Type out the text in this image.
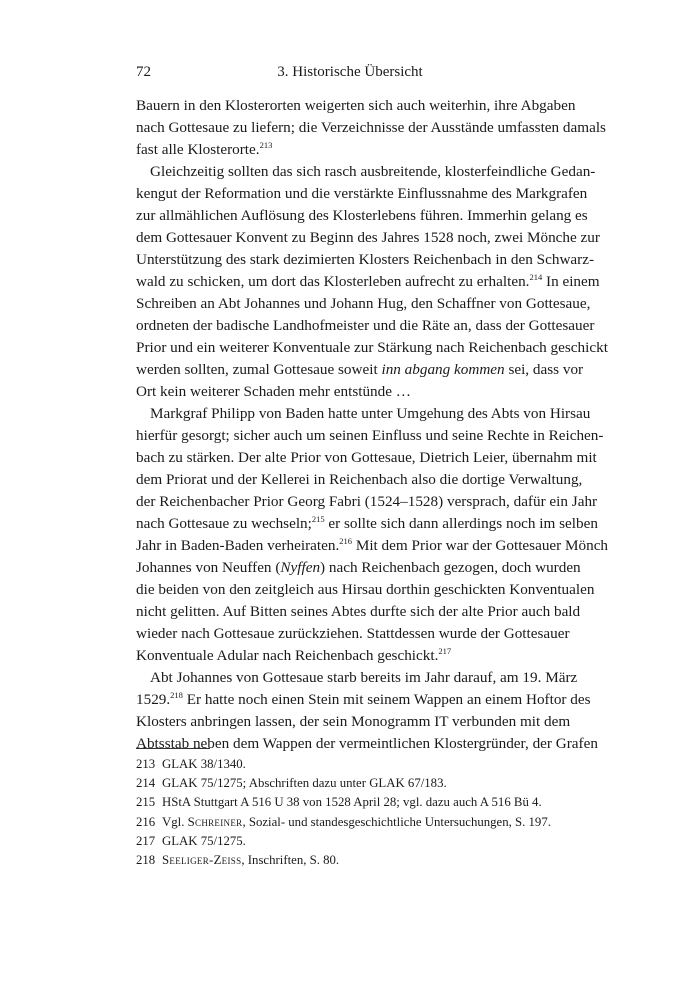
72	3. Historische Übersicht
Bauern in den Klosterorten weigerten sich auch weiterhin, ihre Abgaben
nach Gottesaue zu liefern; die Verzeichnisse der Ausstände umfassten damals
fast alle Klosterorte.$^{213}$
Gleichzeitig sollten das sich rasch ausbreitende, klosterfeindliche Gedan-
kengut der Reformation und die verstärkte Einflussnahme des Markgrafen
zur allmählichen Auflösung des Klosterlebens führen. Immerhin gelang es
dem Gottesauer Konvent zu Beginn des Jahres 1528 noch, zwei Mönche zur
Unterstützung des stark dezimierten Klosters Reichenbach in den Schwarz-
wald zu schicken, um dort das Klosterleben aufrecht zu erhalten.$^{214}$ In einem
Schreiben an Abt Johannes und Johann Hug, den Schaffner von Gottesaue,
ordneten der badische Landhofmeister und die Räte an, dass der Gottesauer
Prior und ein weiterer Konventuale zur Stärkung nach Reichenbach geschickt
werden sollten, zumal Gottesaue soweit inn abgang kommen sei, dass vor
Ort kein weiterer Schaden mehr entstünde …
Markgraf Philipp von Baden hatte unter Umgehung des Abts von Hirsau
hierfür gesorgt; sicher auch um seinen Einfluss und seine Rechte in Reichen-
bach zu stärken. Der alte Prior von Gottesaue, Dietrich Leier, übernahm mit
dem Priorat und der Kellerei in Reichenbach also die dortige Verwaltung,
der Reichenbacher Prior Georg Fabri (1524–1528) versprach, dafür ein Jahr
nach Gottesaue zu wechseln;$^{215}$ er sollte sich dann allerdings noch im selben
Jahr in Baden-Baden verheiraten.$^{216}$ Mit dem Prior war der Gottesauer Mönch
Johannes von Neuffen (Nyffen) nach Reichenbach gezogen, doch wurden
die beiden von den zeitgleich aus Hirsau dorthin geschickten Konventualen
nicht gelitten. Auf Bitten seines Abtes durfte sich der alte Prior auch bald
wieder nach Gottesaue zurückziehen. Stattdessen wurde der Gottesauer
Konventuale Adular nach Reichenbach geschickt.$^{217}$
Abt Johannes von Gottesaue starb bereits im Jahr darauf, am 19. März
1529.$^{218}$ Er hatte noch einen Stein mit seinem Wappen an einem Hoftor des
Klosters anbringen lassen, der sein Monogramm IT verbunden mit dem
Abtsstab neben dem Wappen der vermeintlichen Klostergründer, der Grafen
213 GLAK 38/1340.
214 GLAK 75/1275; Abschriften dazu unter GLAK 67/183.
215 HStA Stuttgart A 516 U 38 von 1528 April 28; vgl. dazu auch A 516 Bü 4.
216 Vgl. Schreiner, Sozial- und standesgeschichtliche Untersuchungen, S. 197.
217 GLAK 75/1275.
218 Seeliger-Zeiss, Inschriften, S. 80.
